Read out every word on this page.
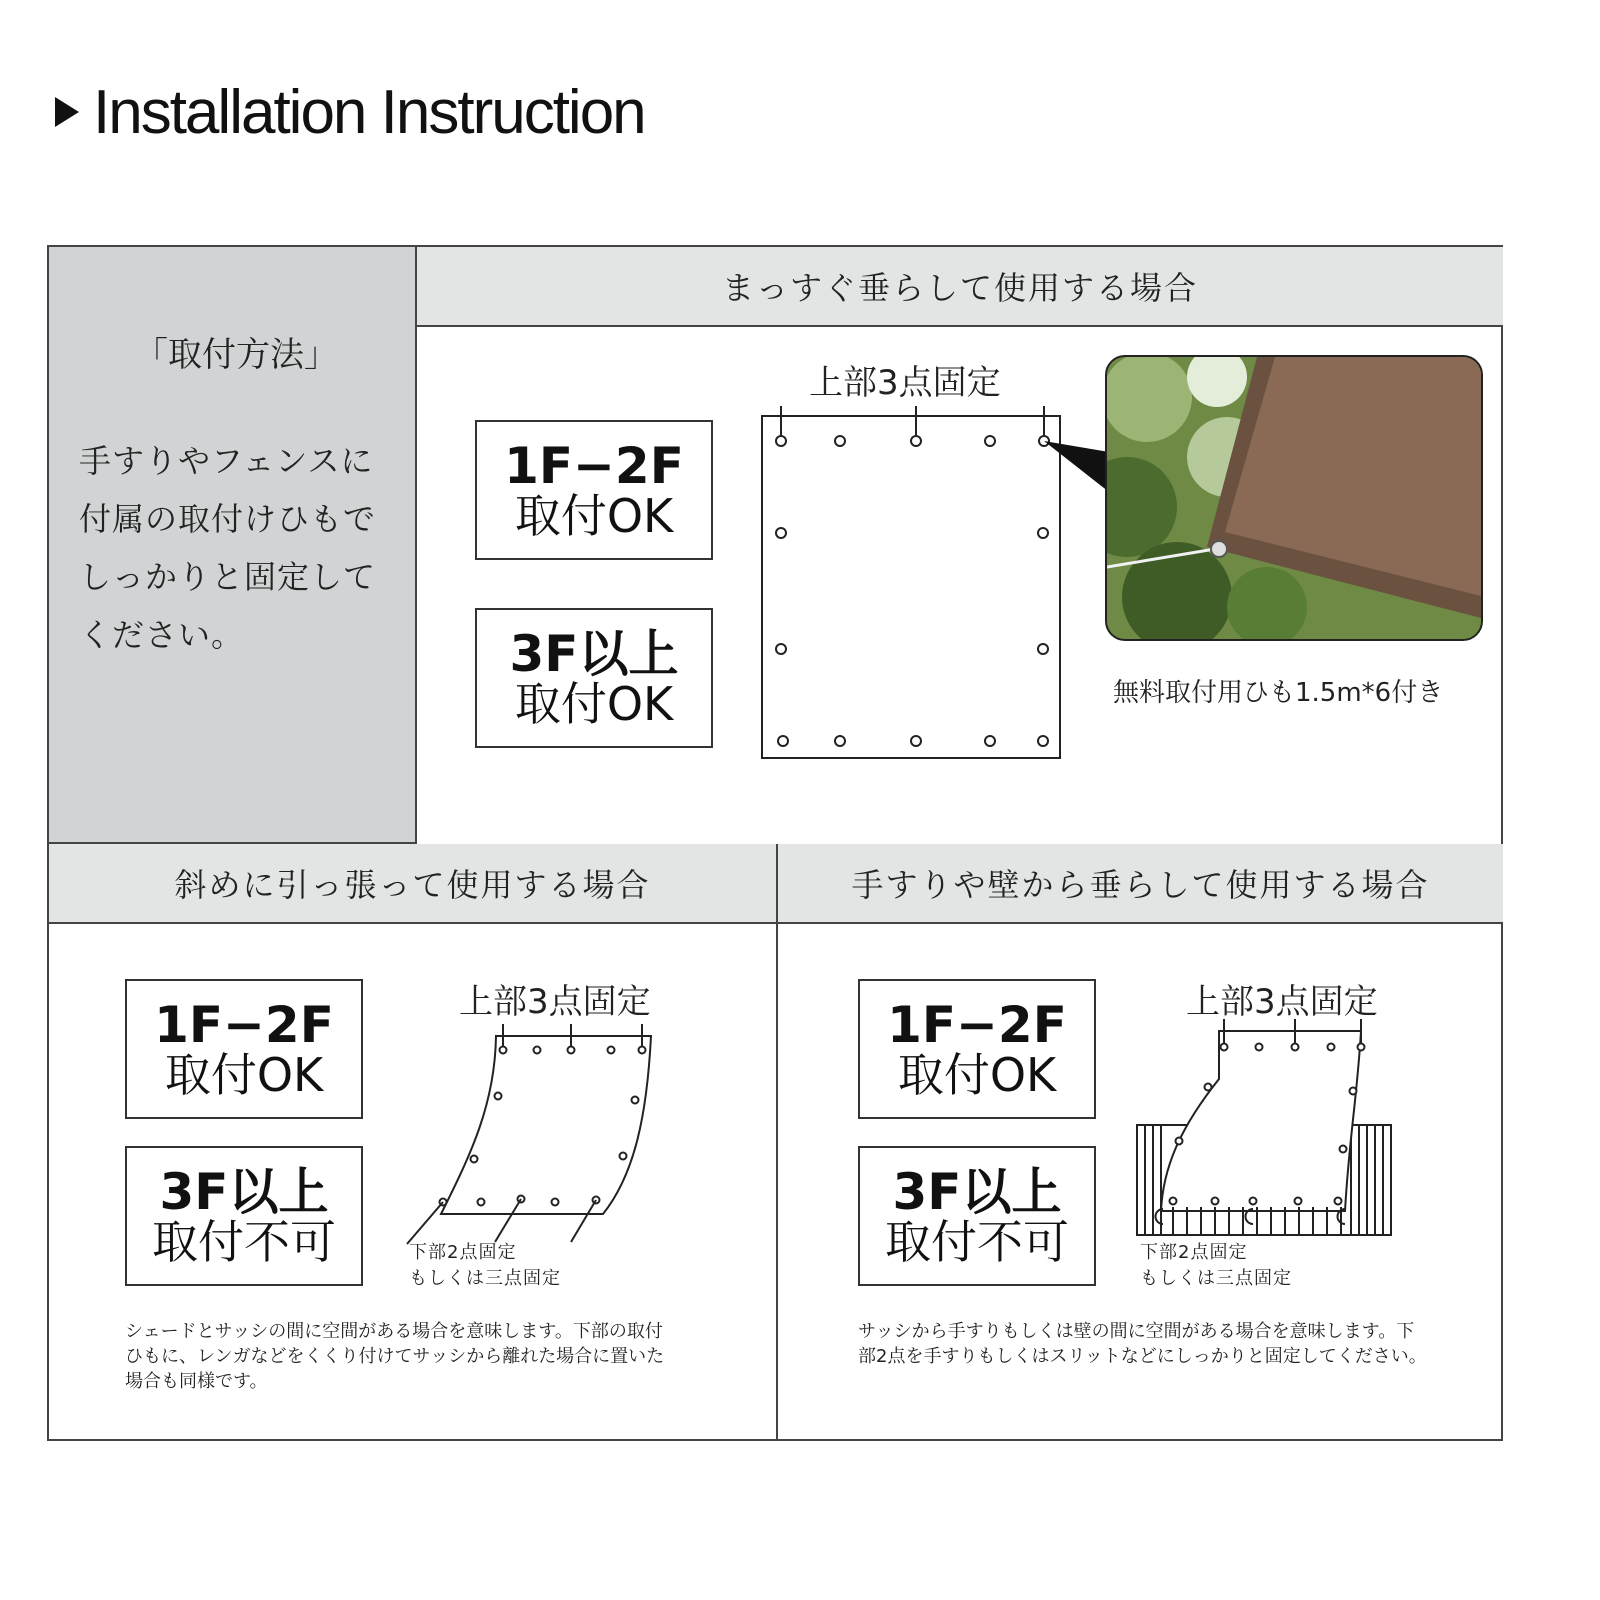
Installation Instruction
「取付方法」
手すりやフェンスに
付属の取付けひもで
しっかりと固定して
ください。
まっすぐ垂らして使用する場合
1F−2F
取付OK
3F以上
取付OK
上部3点固定
無料取付用ひも1.5m*6付き
斜めに引っ張って使用する場合
1F−2F
取付OK
3F以上
取付不可
上部3点固定
下部2点固定
もしくは三点固定
シェードとサッシの間に空間がある場合を意味します。下部の取付
ひもに、レンガなどをくくり付けてサッシから離れた場合に置いた
場合も同様です。
手すりや壁から垂らして使用する場合
1F−2F
取付OK
3F以上
取付不可
上部3点固定
下部2点固定
もしくは三点固定
サッシから手すりもしくは壁の間に空間がある場合を意味します。下
部2点を手すりもしくはスリットなどにしっかりと固定してください。
